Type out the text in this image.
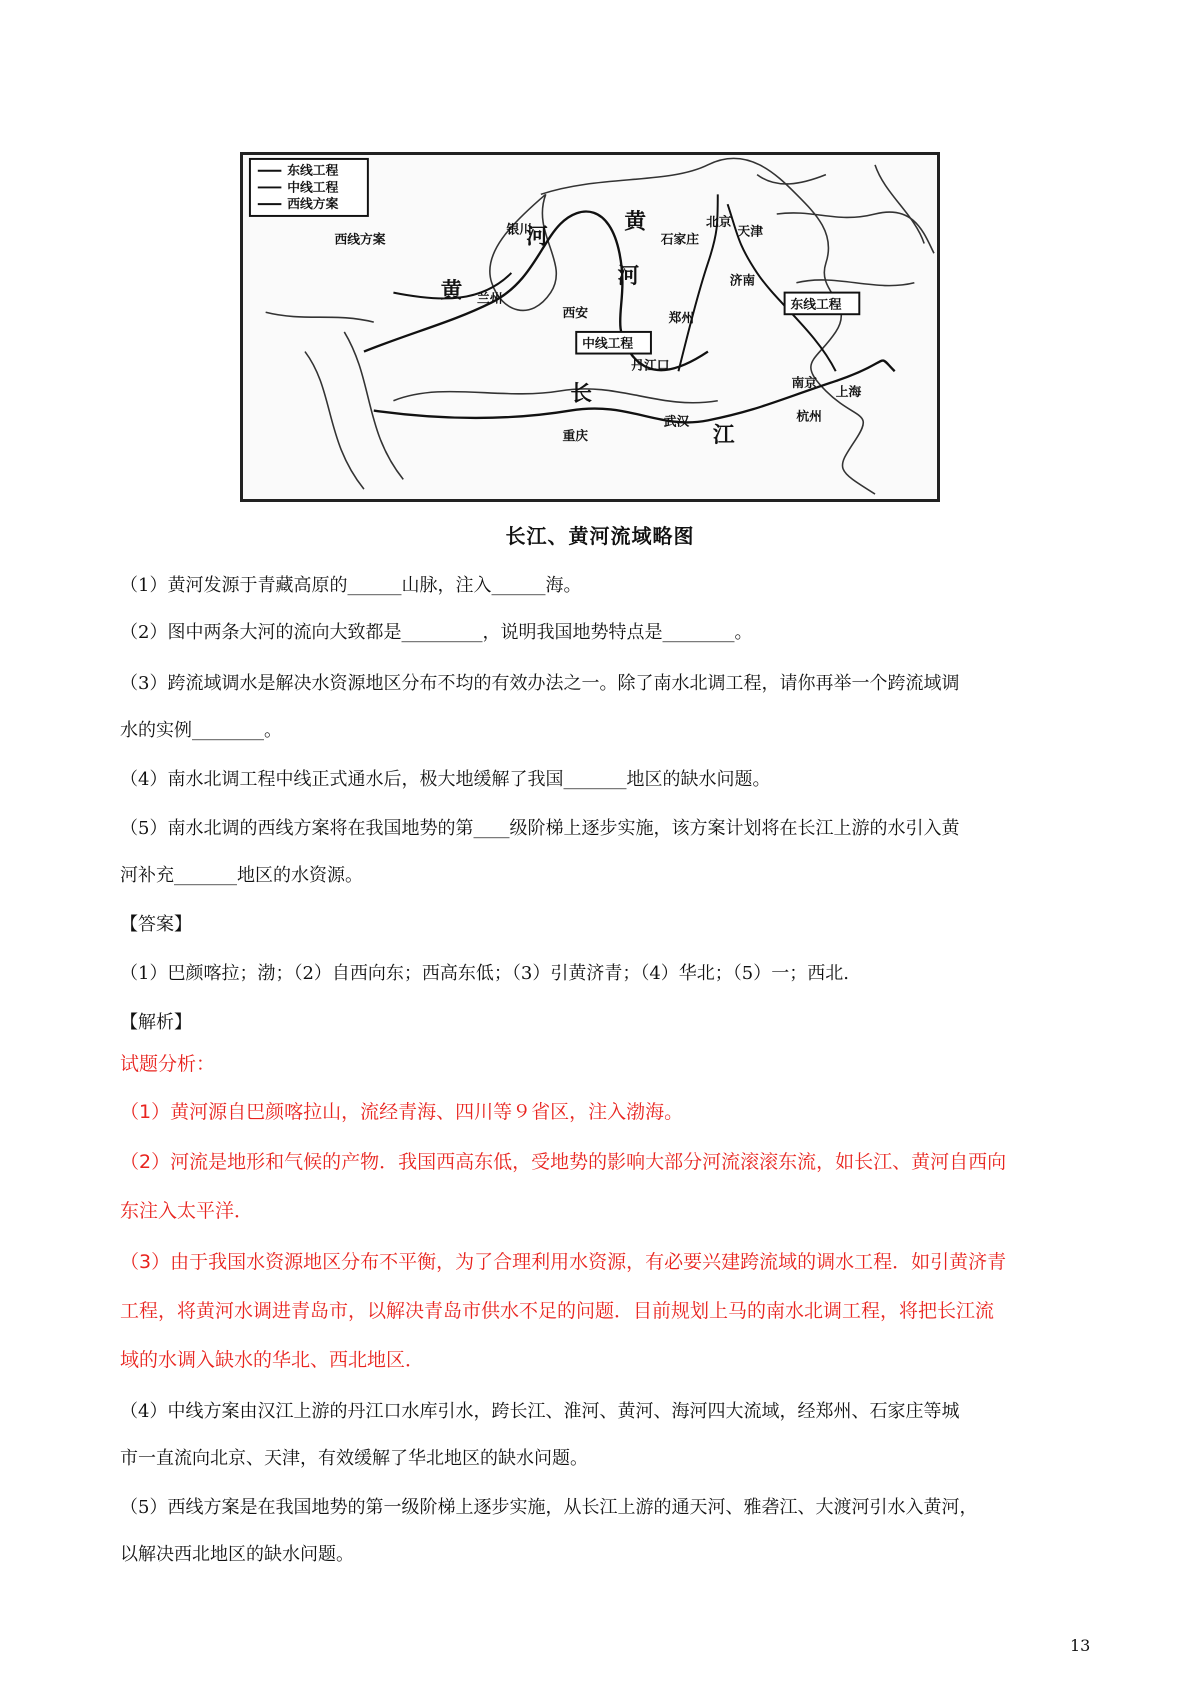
东线工程
中线工程
西线方案
中线工程
东线工程
黄
河
黄
河
长
江
西线方案
北京
天津
石家庄
济南
郑州
西安
丹江口
武汉
南京
上海
杭州
兰州
银川
重庆
长江、黄河流域略图
（1）黄河发源于青藏高原的______山脉，注入______海。
（2）图中两条大河的流向大致都是_________，说明我国地势特点是________。
（3）跨流域调水是解决水资源地区分布不均的有效办法之一。除了南水北调工程，请你再举一个跨流域调
水的实例________。
（4）南水北调工程中线正式通水后，极大地缓解了我国_______地区的缺水问题。
（5）南水北调的西线方案将在我国地势的第____级阶梯上逐步实施，该方案计划将在长江上游的水引入黄
河补充_______地区的水资源。
【答案】
（1）巴颜喀拉；渤；（2）自西向东；西高东低；（3）引黄济青；（4）华北；（5）一；西北.
【解析】
试题分析：
（1）黄河源自巴颜喀拉山，流经青海、四川等９省区，注入渤海。
（2）河流是地形和气候的产物．我国西高东低，受地势的影响大部分河流滚滚东流，如长江、黄河自西向
东注入太平洋．
（3）由于我国水资源地区分布不平衡，为了合理利用水资源，有必要兴建跨流域的调水工程．如引黄济青
工程，将黄河水调进青岛市，以解决青岛市供水不足的问题．目前规划上马的南水北调工程，将把长江流
域的水调入缺水的华北、西北地区．
（4）中线方案由汉江上游的丹江口水库引水，跨长江、淮河、黄河、海河四大流域，经郑州、石家庄等城
市一直流向北京、天津，有效缓解了华北地区的缺水问题。
（5）西线方案是在我国地势的第一级阶梯上逐步实施，从长江上游的通天河、雅砻江、大渡河引水入黄河，
以解决西北地区的缺水问题。
13
